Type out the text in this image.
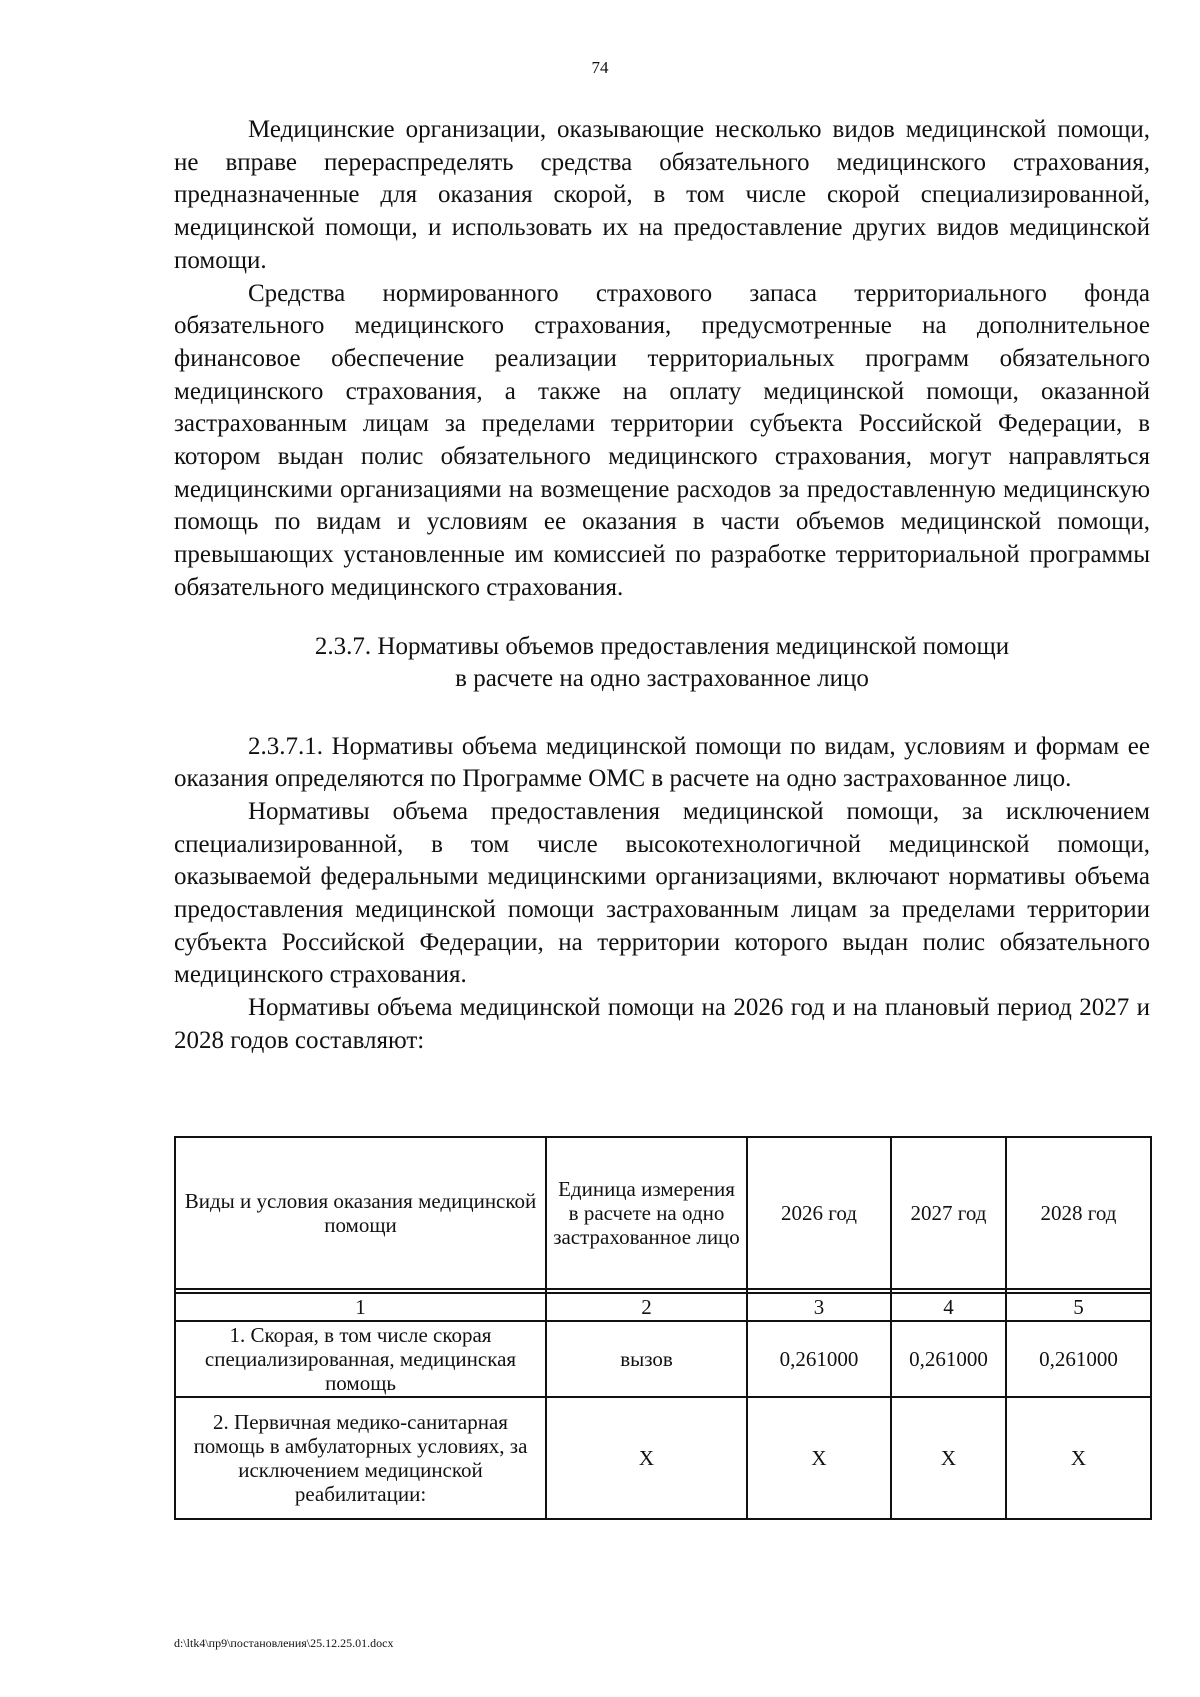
74

Медицинские организации, оказывающие несколько видов медицинской помощи, не вправе перераспределять средства обязательного медицинского страхования, предназначенные для оказания скорой, в том числе скорой специализированной, медицинской помощи, и использовать их на предоставление других видов медицинской помощи.

Средства нормированного страхового запаса территориального фонда обязательного медицинского страхования, предусмотренные на дополнительное финансовое обеспечение реализации территориальных программ обязательного медицинского страхования, а также на оплату медицинской помощи, оказанной застрахованным лицам за пределами территории субъекта Российской Федерации, в котором выдан полис обязательного медицинского страхования, могут направляться медицинскими организациями на возмещение расходов за предоставленную медицинскую помощь по видам и условиям ее оказания в части объемов медицинской помощи, превышающих установленные им комиссией по разработке территориальной программы обязательного медицинского страхования.

2.3.7. Нормативы объемов предоставления медицинской помощи
в расчете на одно застрахованное лицо

2.3.7.1. Нормативы объема медицинской помощи по видам, условиям и формам ее оказания определяются по Программе ОМС в расчете на одно застрахованное лицо.

Нормативы объема предоставления медицинской помощи, за исключением специализированной, в том числе высокотехнологичной медицинской помощи, оказываемой федеральными медицинскими организациями, включают нормативы объема предоставления медицинской помощи застрахованным лицам за пределами территории субъекта Российской Федерации, на территории которого выдан полис обязательного медицинского страхования.

Нормативы объема медицинской помощи на 2026 год и на плановый период 2027 и 2028 годов составляют:

Виды и условия оказания медицинской помощи	Единица измерения в расчете на одно застрахованное лицо	2026 год	2027 год	2028 год

1	2	3	4	5
1. Скорая, в том числе скорая специализированная, медицинская помощь	вызов	0,261000	0,261000	0,261000
2. Первичная медико-санитарная помощь в амбулаторных условиях, за исключением медицинской реабилитации:	Х	Х	Х	Х
d:\ltk4\пр9\постановления\25.12.25.01.docx
